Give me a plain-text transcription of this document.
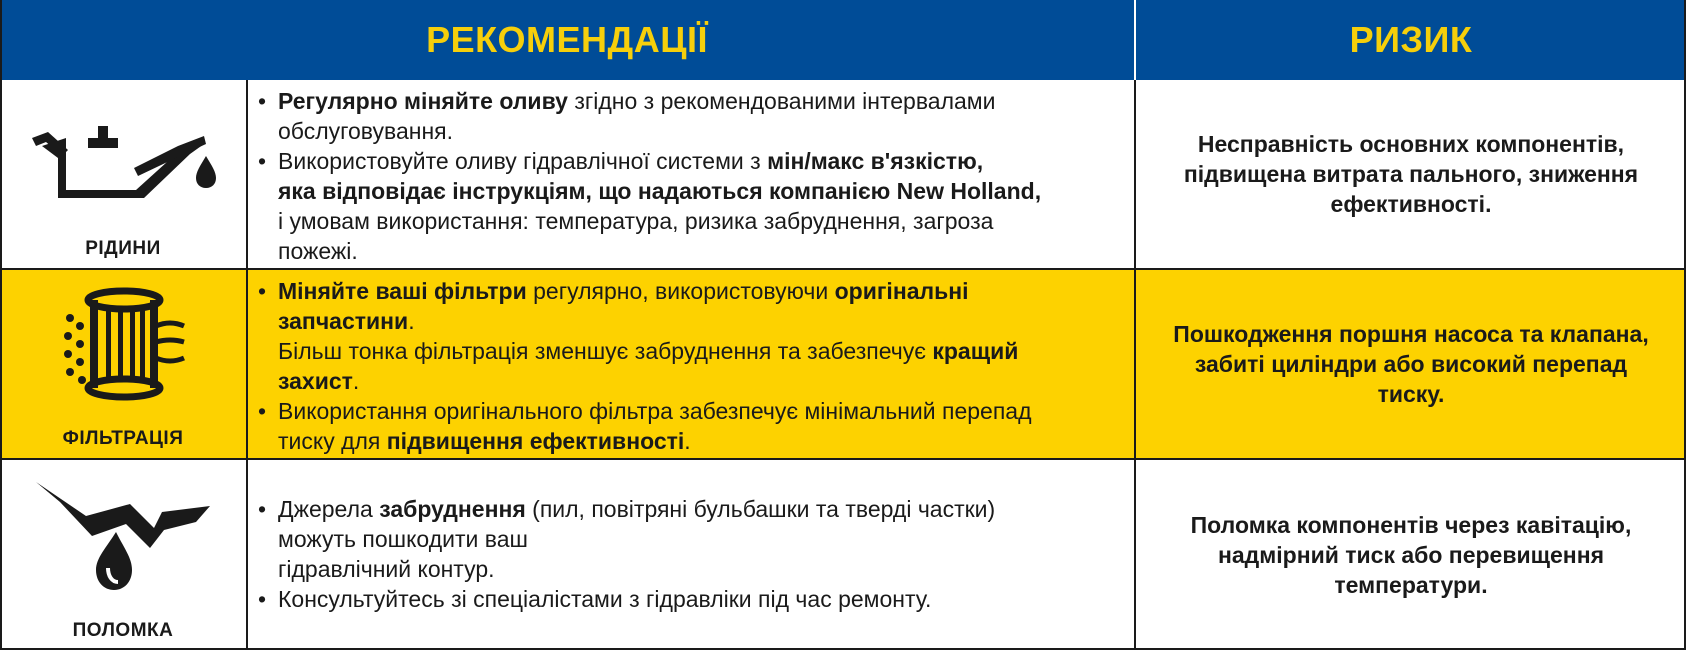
РЕКОМЕНДАЦІЇ	РИЗИК
РІДИНИ
• Регулярно міняйте оливу згідно з рекомендованими інтервалами
обслуговування.
• Використовуйте оливу гідравлічної системи з мін/макс в'язкістю,
яка відповідає інструкціям, що надаються компанією New Holland,
і умовам використання: температура, ризика забруднення, загроза
пожежі.
Несправність основних компонентів,
підвищена витрата пального, зниження
ефективності.
ФІЛЬТРАЦІЯ
• Міняйте ваші фільтри регулярно, використовуючи оригінальні
запчастини.
Більш тонка фільтрація зменшує забруднення та забезпечує кращий
захист.
• Використання оригінального фільтра забезпечує мінімальний перепад
тиску для підвищення ефективності.
Пошкодження поршня насоса та клапана,
забиті циліндри або високий перепад
тиску.
ПОЛОМКА
• Джерела забруднення (пил, повітряні бульбашки та тверді частки)
можуть пошкодити ваш
гідравлічний контур.
• Консультуйтесь зі спеціалістами з гідравліки під час ремонту.
Поломка компонентів через кавітацію,
надмірний тиск або перевищення
температури.
